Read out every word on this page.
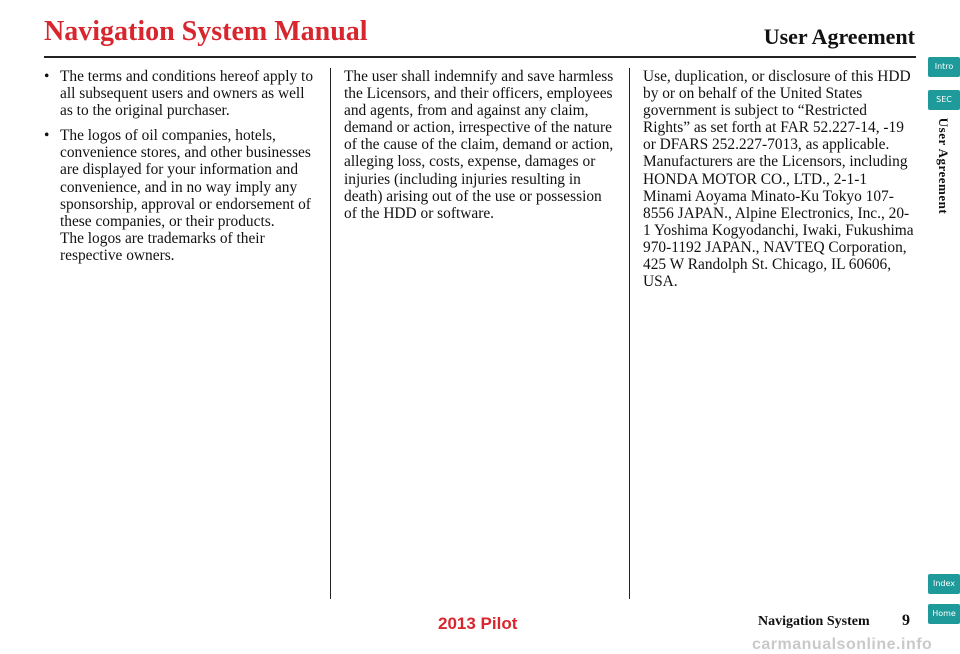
Navigation System Manual	User Agreement
• The terms and conditions hereof apply to all subsequent users and owners as well as to the original purchaser.
• The logos of oil companies, hotels, convenience stores, and other businesses are displayed for your information and convenience, and in no way imply any sponsorship, approval or endorsement of these companies, or their products.
The logos are trademarks of their respective owners.

The user shall indemnify and save harmless the Licensors, and their officers, employees and agents, from and against any claim, demand or action, irrespective of the nature of the cause of the claim, demand or action, alleging loss, costs, expense, damages or injuries (including injuries resulting in death) arising out of the use or possession of the HDD or software.

Use, duplication, or disclosure of this HDD by or on behalf of the United States government is subject to “Restricted Rights” as set forth at FAR 52.227-14, -19 or DFARS 252.227-7013, as applicable. Manufacturers are the Licensors, including HONDA MOTOR CO., LTD., 2-1-1 Minami Aoyama Minato-Ku Tokyo 107-8556 JAPAN., Alpine Electronics, Inc., 20-1 Yoshima Kogyodanchi, Iwaki, Fukushima 970-1192 JAPAN., NAVTEQ Corporation, 425 W Randolph St. Chicago, IL 60606, USA.

Intro
SEC
User Agreement
Index
Home
2013 Pilot	Navigation System 9
carmanualsonline.info
